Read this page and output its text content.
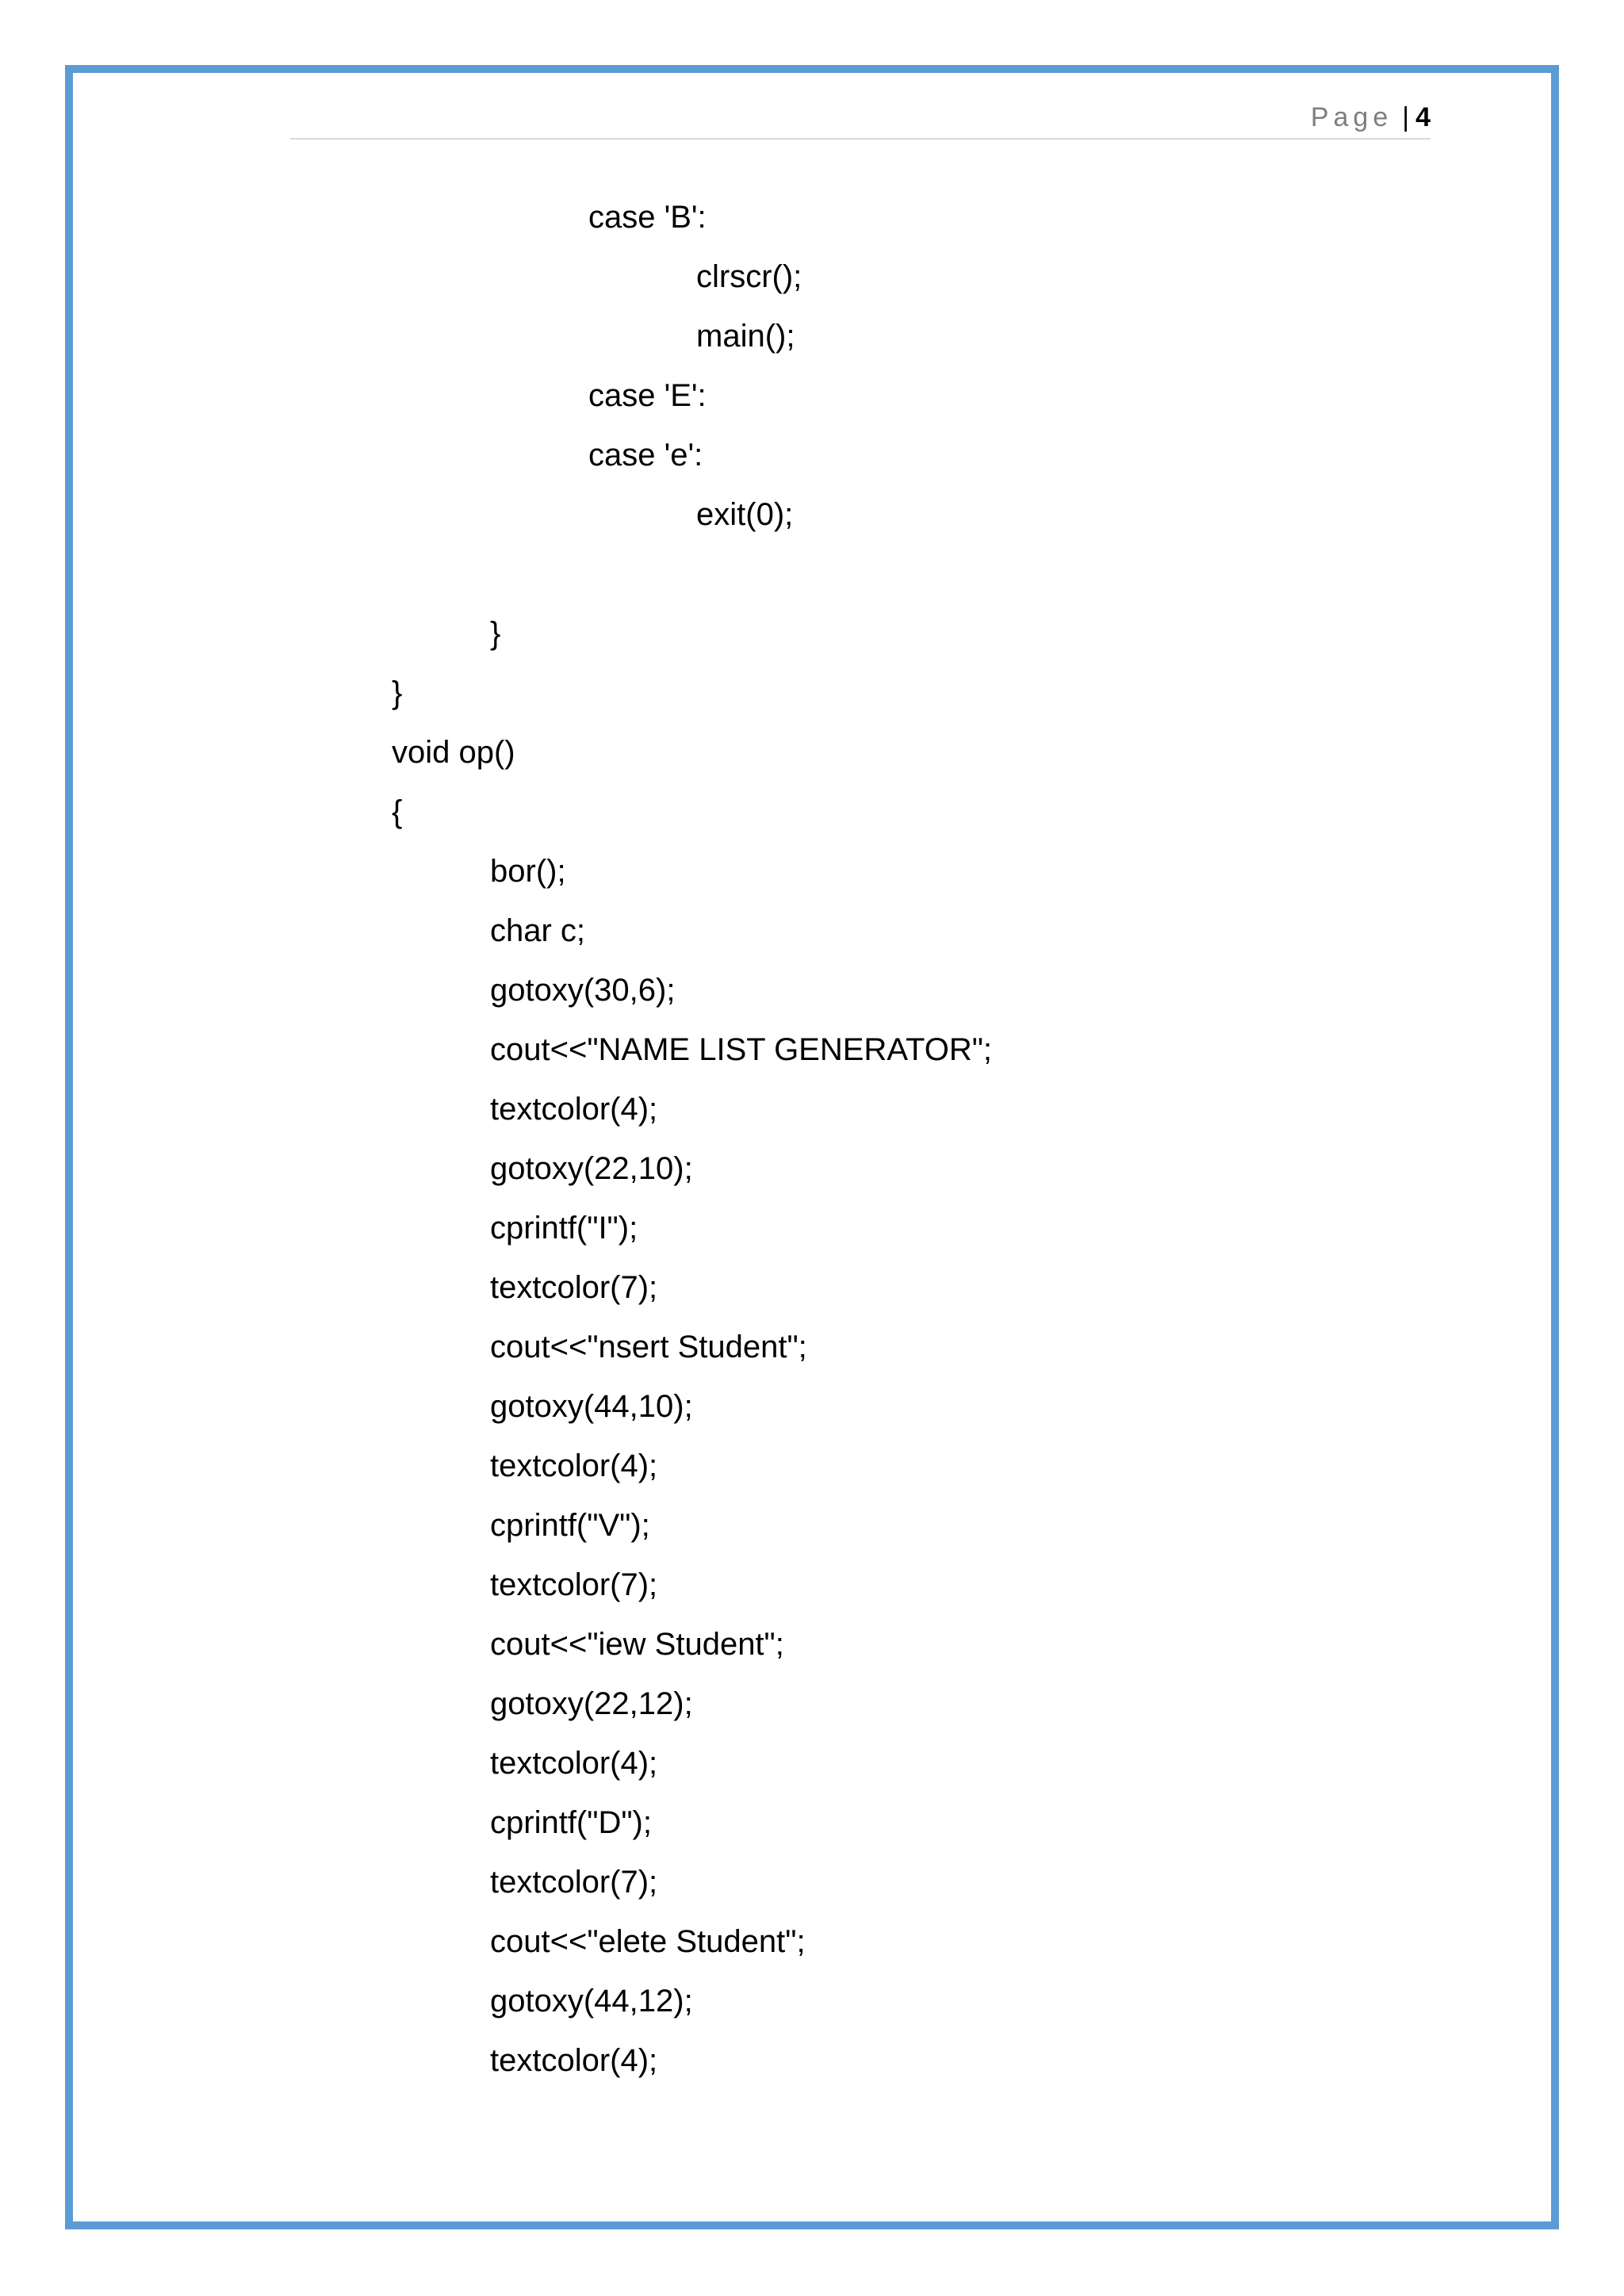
Page | 4
case 'B':
clrscr();
main();
case 'E':
case 'e':
exit(0);
}
}
void op()
{
bor();
char c;
gotoxy(30,6);
cout<<"NAME LIST GENERATOR";
textcolor(4);
gotoxy(22,10);
cprintf("I");
textcolor(7);
cout<<"nsert Student";
gotoxy(44,10);
textcolor(4);
cprintf("V");
textcolor(7);
cout<<"iew Student";
gotoxy(22,12);
textcolor(4);
cprintf("D");
textcolor(7);
cout<<"elete Student";
gotoxy(44,12);
textcolor(4);
